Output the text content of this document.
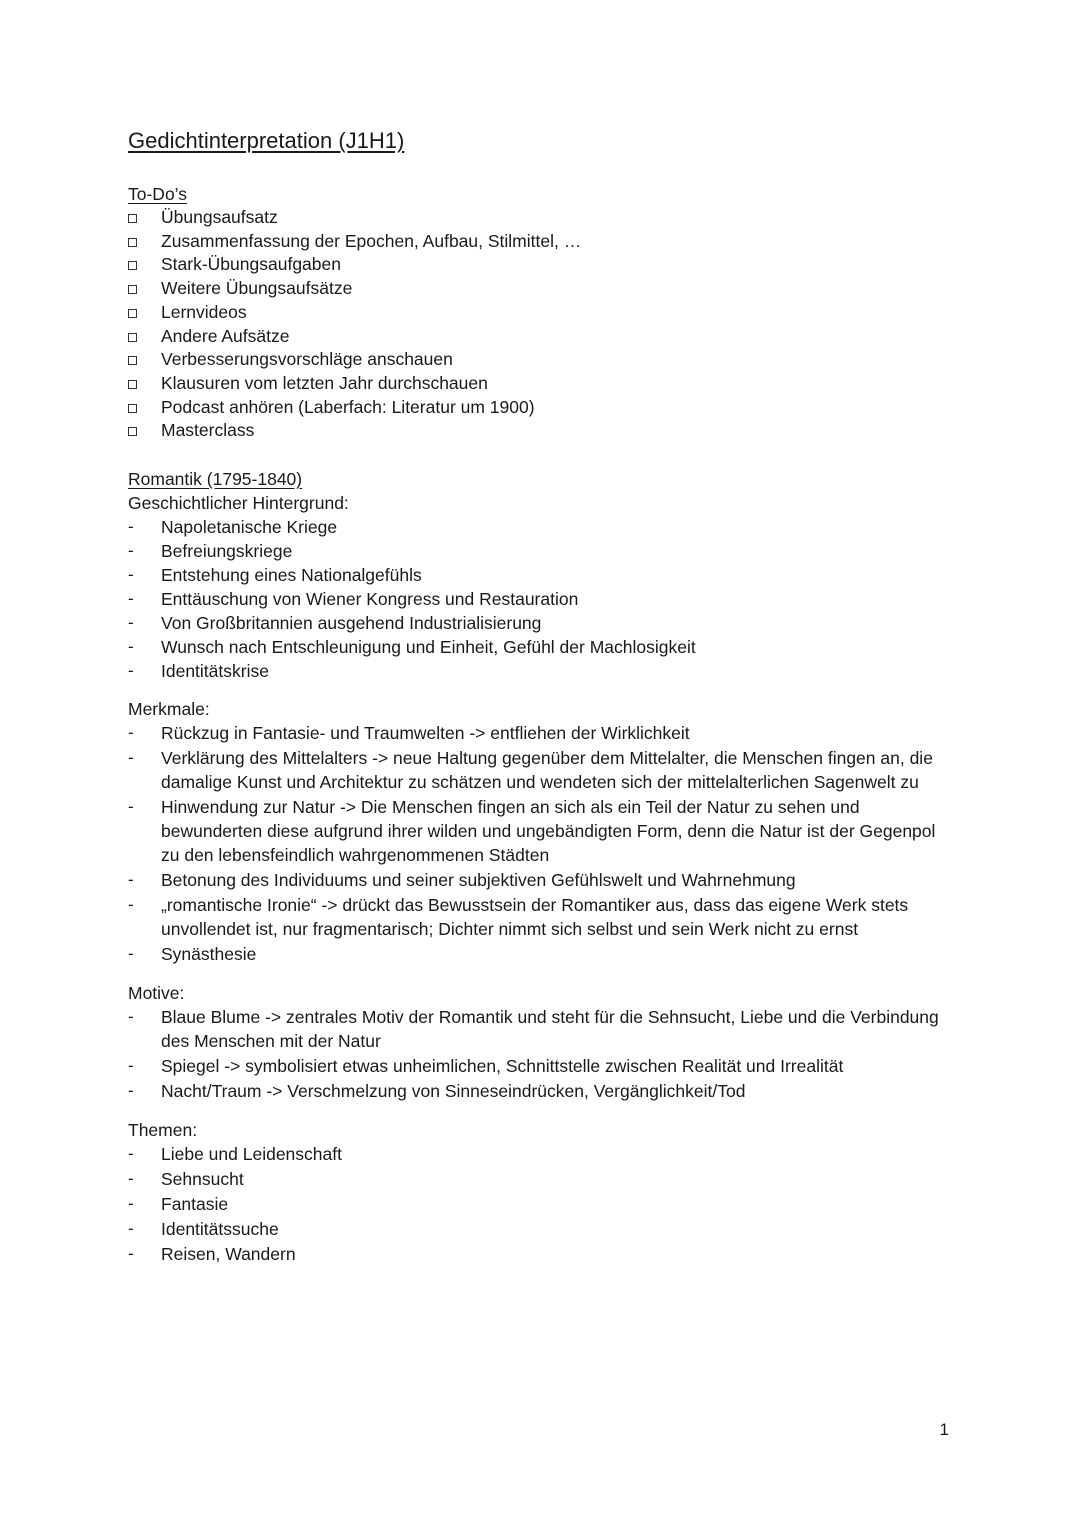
Gedichtinterpretation (J1H1)
To-Do’s
Übungsaufsatz
Zusammenfassung der Epochen, Aufbau, Stilmittel, …
Stark-Übungsaufgaben
Weitere Übungsaufsätze
Lernvideos
Andere Aufsätze
Verbesserungsvorschläge anschauen
Klausuren vom letzten Jahr durchschauen
Podcast anhören (Laberfach: Literatur um 1900)
Masterclass
Romantik (1795-1840)
Geschichtlicher Hintergrund:
-	Napoletanische Kriege
-	Befreiungskriege
-	Entstehung eines Nationalgefühls
-	Enttäuschung von Wiener Kongress und Restauration
-	Von Großbritannien ausgehend Industrialisierung
-	Wunsch nach Entschleunigung und Einheit, Gefühl der Machlosigkeit
-	Identitätskrise
Merkmale:
-	Rückzug in Fantasie- und Traumwelten -> entfliehen der Wirklichkeit
-	Verklärung des Mittelalters -> neue Haltung gegenüber dem Mittelalter, die Menschen fingen an, die damalige Kunst und Architektur zu schätzen und wendeten sich der mittelalterlichen Sagenwelt zu
-	Hinwendung zur Natur -> Die Menschen fingen an sich als ein Teil der Natur zu sehen und bewunderten diese aufgrund ihrer wilden und ungebändigten Form, denn die Natur ist der Gegenpol zu den lebensfeindlich wahrgenommenen Städten
-	Betonung des Individuums und seiner subjektiven Gefühlswelt und Wahrnehmung
-	„romantische Ironie“ -> drückt das Bewusstsein der Romantiker aus, dass das eigene Werk stets unvollendet ist, nur fragmentarisch; Dichter nimmt sich selbst und sein Werk nicht zu ernst
-	Synästhesie
Motive:
-	Blaue Blume -> zentrales Motiv der Romantik und steht für die Sehnsucht, Liebe und die Verbindung des Menschen mit der Natur
-	Spiegel -> symbolisiert etwas unheimlichen, Schnittstelle zwischen Realität und Irrealität
-	Nacht/Traum -> Verschmelzung von Sinneseindrücken, Vergänglichkeit/Tod
Themen:
-	Liebe und Leidenschaft
-	Sehnsucht
-	Fantasie
-	Identitätssuche
-	Reisen, Wandern
1
